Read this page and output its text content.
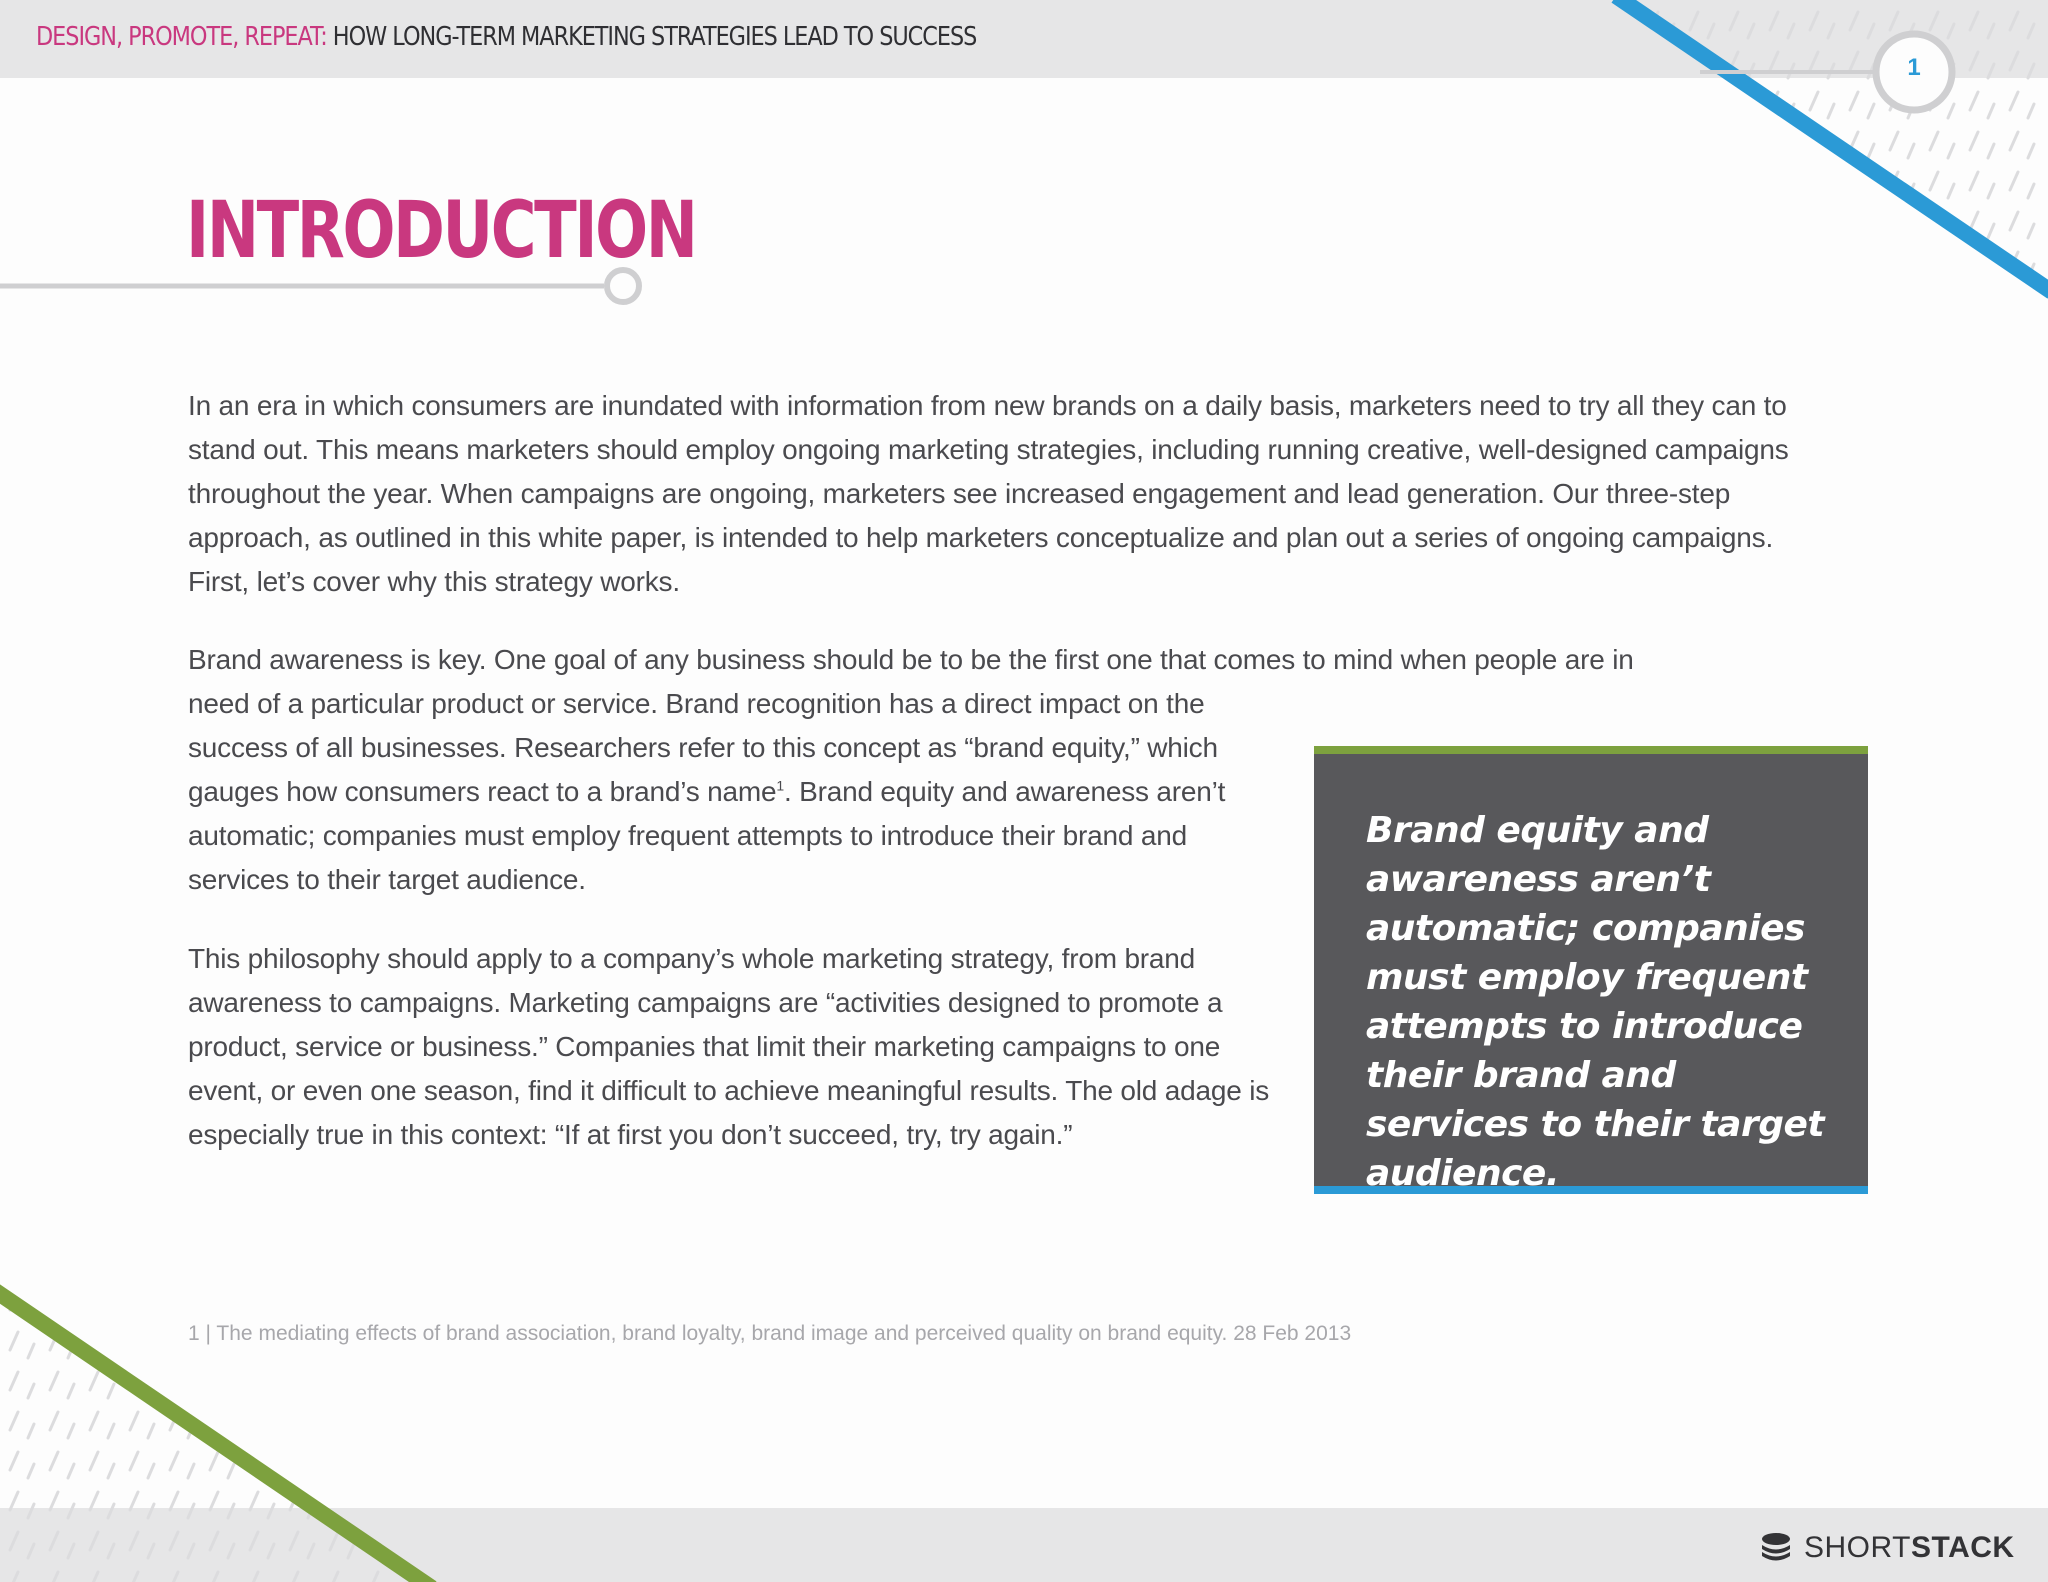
DESIGN, PROMOTE, REPEAT: HOW LONG-TERM MARKETING STRATEGIES LEAD TO SUCCESS
1
INTRODUCTION

In an era in which consumers are inundated with information from new brands on a daily basis, marketers need to try all they can to stand out. This means marketers should employ ongoing marketing strategies, including running creative, well-designed campaigns throughout the year. When campaigns are ongoing, marketers see increased engagement and lead generation. Our three-step approach, as outlined in this white paper, is intended to help marketers conceptualize and plan out a series of ongoing campaigns. First, let’s cover why this strategy works.

Brand awareness is key. One goal of any business should be to be the first one that comes to mind when people are in
need of a particular product or service. Brand recognition has a direct impact on the success of all businesses. Researchers refer to this concept as “brand equity,” which gauges how consumers react to a brand’s name$^1$. Brand equity and awareness aren’t automatic; companies must employ frequent attempts to introduce their brand and services to their target audience.

This philosophy should apply to a company’s whole marketing strategy, from brand awareness to campaigns. Marketing campaigns are “activities designed to promote a product, service or business.” Companies that limit their marketing campaigns to one event, or even one season, find it difficult to achieve meaningful results. The old adage is especially true in this context: “If at first you don’t succeed, try, try again.”

Brand equity and awareness aren’t automatic; companies must employ frequent attempts to introduce their brand and services to their target audience.
1 | The mediating effects of brand association, brand loyalty, brand image and perceived quality on brand equity. 28 Feb 2013
SHORTSTACK
